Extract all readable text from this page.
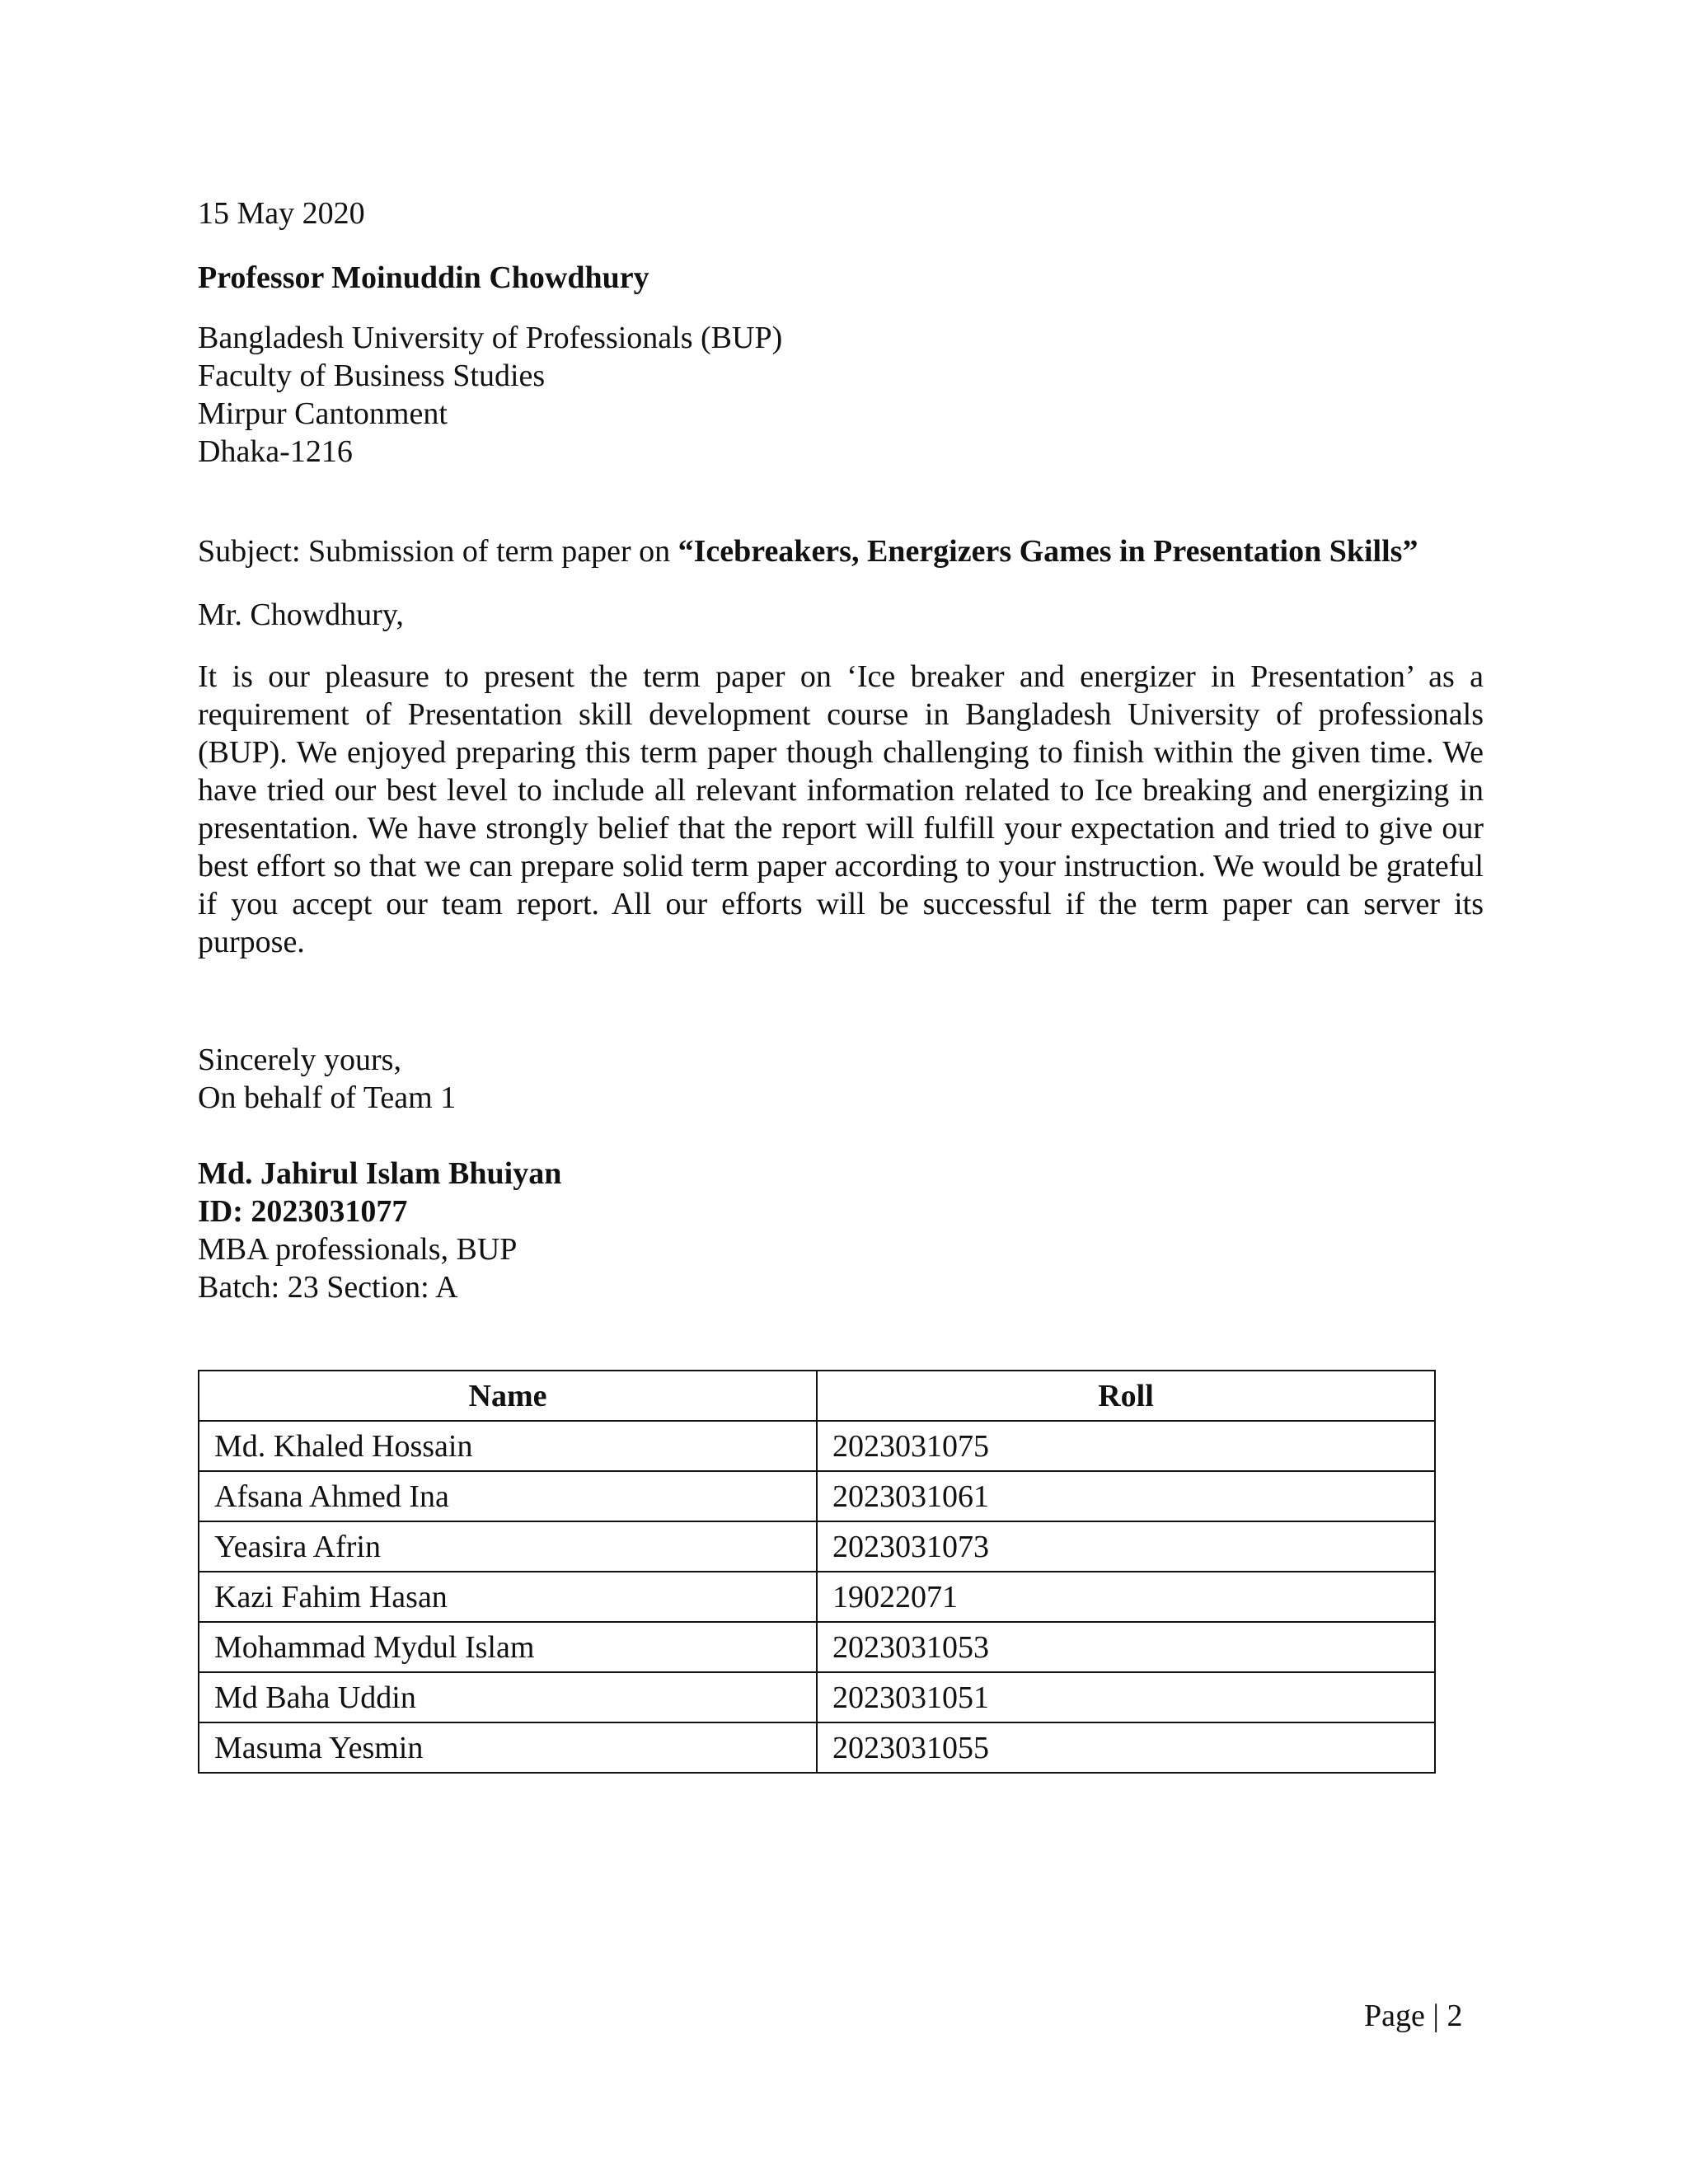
15 May 2020
Professor Moinuddin Chowdhury
Bangladesh University of Professionals (BUP)
Faculty of Business Studies
Mirpur Cantonment
Dhaka-1216
Subject: Submission of term paper on “Icebreakers, Energizers Games in Presentation Skills”
Mr. Chowdhury,
It is our pleasure to present the term paper on ‘Ice breaker and energizer in Presentation’ as a requirement of Presentation skill development course in Bangladesh University of professionals (BUP). We enjoyed preparing this term paper though challenging to finish within the given time. We have tried our best level to include all relevant information related to Ice breaking and energizing in presentation. We have strongly belief that the report will fulfill your expectation and tried to give our best effort so that we can prepare solid term paper according to your instruction. We would be grateful if you accept our team report. All our efforts will be successful if the term paper can server its purpose.
Sincerely yours,
On behalf of Team 1
Md. Jahirul Islam Bhuiyan
ID: 2023031077
MBA professionals, BUP
Batch: 23 Section: A
Name	Roll
Md. Khaled Hossain	2023031075
Afsana Ahmed Ina	2023031061
Yeasira Afrin	2023031073
Kazi Fahim Hasan	19022071
Mohammad Mydul Islam	2023031053
Md Baha Uddin	2023031051
Masuma Yesmin	2023031055
Page | 2
